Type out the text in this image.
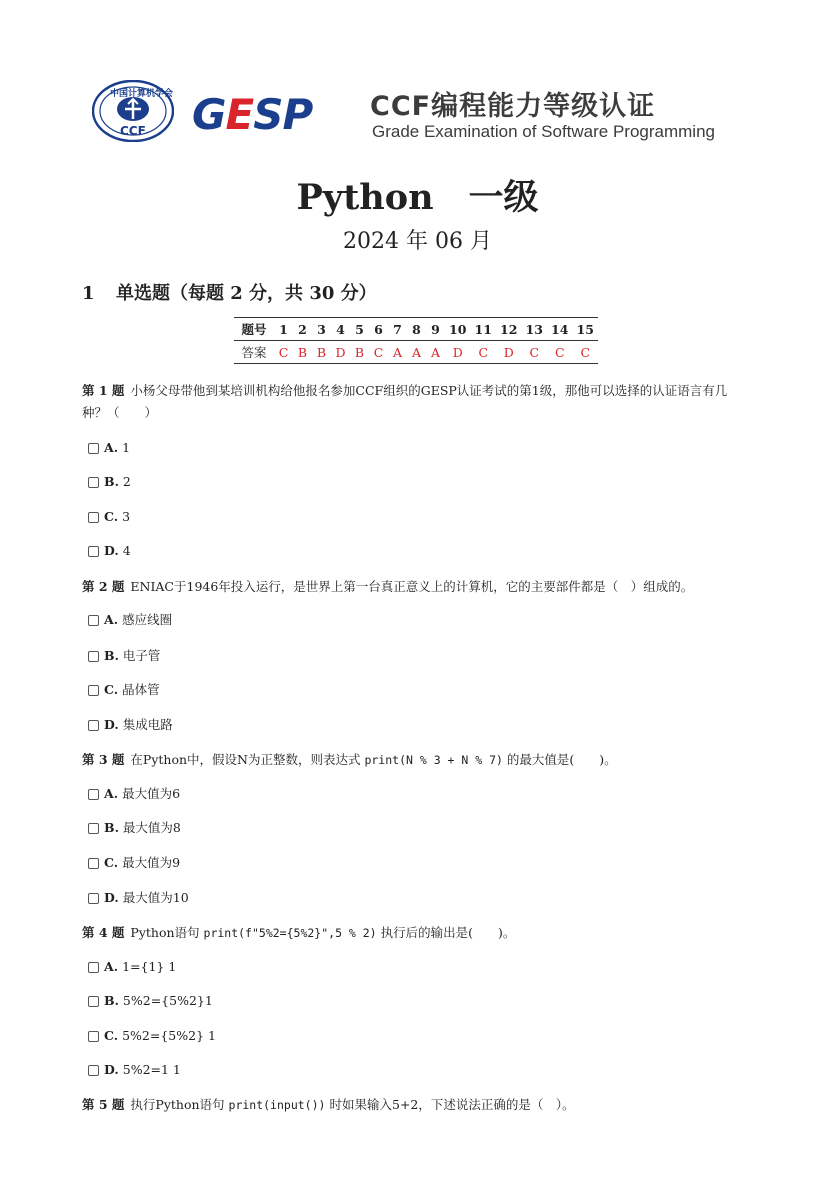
中国计算机学会
CCF GESP CCF编程能力等级认证
Grade Examination of Software Programming
Python　一级
2024 年 06 月
1 单选题（每题 2 分，共 30 分）
题号	1	2	3	4	5	6	7	8	9	10	11	12	13	14	15
答案	C	B	B	D	B	C	A	A	A	D	C	D	C	C	C
第 1 题 小杨父母带他到某培训机构给他报名参加CCF组织的GESP认证考试的第1级，那他可以选择的认证语言有几种？（　　）
A. 1
B. 2
C. 3
D. 4
第 2 题 ENIAC于1946年投入运行，是世界上第一台真正意义上的计算机，它的主要部件都是（　）组成的。
A. 感应线圈
B. 电子管
C. 晶体管
D. 集成电路
第 3 题 在Python中，假设N为正整数，则表达式 print(N % 3 + N % 7) 的最大值是(　　)。
A. 最大值为6
B. 最大值为8
C. 最大值为9
D. 最大值为10
第 4 题 Python语句 print(f"5%2={5%2}",5 % 2) 执行后的输出是(　　)。
A. 1={1} 1
B. 5%2={5%2}1
C. 5%2={5%2} 1
D. 5%2=1 1
第 5 题 执行Python语句 print(input()) 时如果输入5+2，下述说法正确的是（　）。
